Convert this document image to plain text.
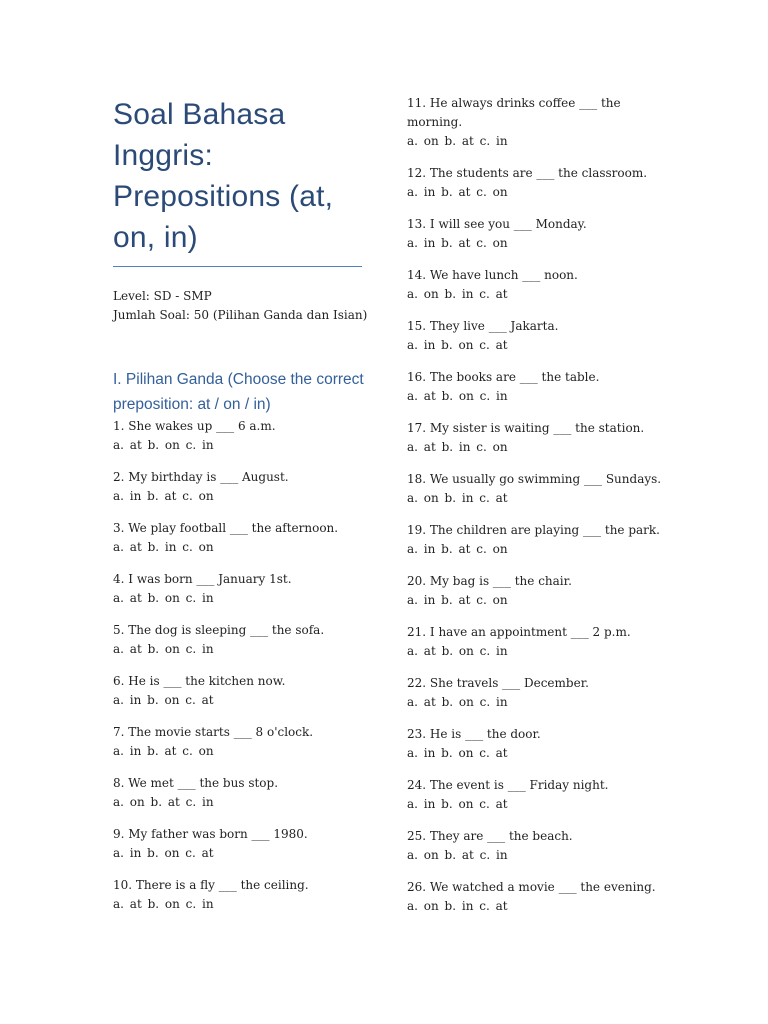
Soal Bahasa
Inggris:
Prepositions (at,
on, in)
Level: SD - SMP
Jumlah Soal: 50 (Pilihan Ganda dan Isian)
I. Pilihan Ganda (Choose the correct preposition: at / on / in)
1. She wakes up ___ 6 a.m.
a. at b. on c. in
2. My birthday is ___ August.
a. in b. at c. on
3. We play football ___ the afternoon.
a. at b. in c. on
4. I was born ___ January 1st.
a. at b. on c. in
5. The dog is sleeping ___ the sofa.
a. at b. on c. in
6. He is ___ the kitchen now.
a. in b. on c. at
7. The movie starts ___ 8 o'clock.
a. in b. at c. on
8. We met ___ the bus stop.
a. on b. at c. in
9. My father was born ___ 1980.
a. in b. on c. at
10. There is a fly ___ the ceiling.
a. at b. on c. in
11. He always drinks coffee ___ the morning.
a. on b. at c. in
12. The students are ___ the classroom.
a. in b. at c. on
13. I will see you ___ Monday.
a. in b. at c. on
14. We have lunch ___ noon.
a. on b. in c. at
15. They live ___ Jakarta.
a. in b. on c. at
16. The books are ___ the table.
a. at b. on c. in
17. My sister is waiting ___ the station.
a. at b. in c. on
18. We usually go swimming ___ Sundays.
a. on b. in c. at
19. The children are playing ___ the park.
a. in b. at c. on
20. My bag is ___ the chair.
a. in b. at c. on
21. I have an appointment ___ 2 p.m.
a. at b. on c. in
22. She travels ___ December.
a. at b. on c. in
23. He is ___ the door.
a. in b. on c. at
24. The event is ___ Friday night.
a. in b. on c. at
25. They are ___ the beach.
a. on b. at c. in
26. We watched a movie ___ the evening.
a. on b. in c. at
